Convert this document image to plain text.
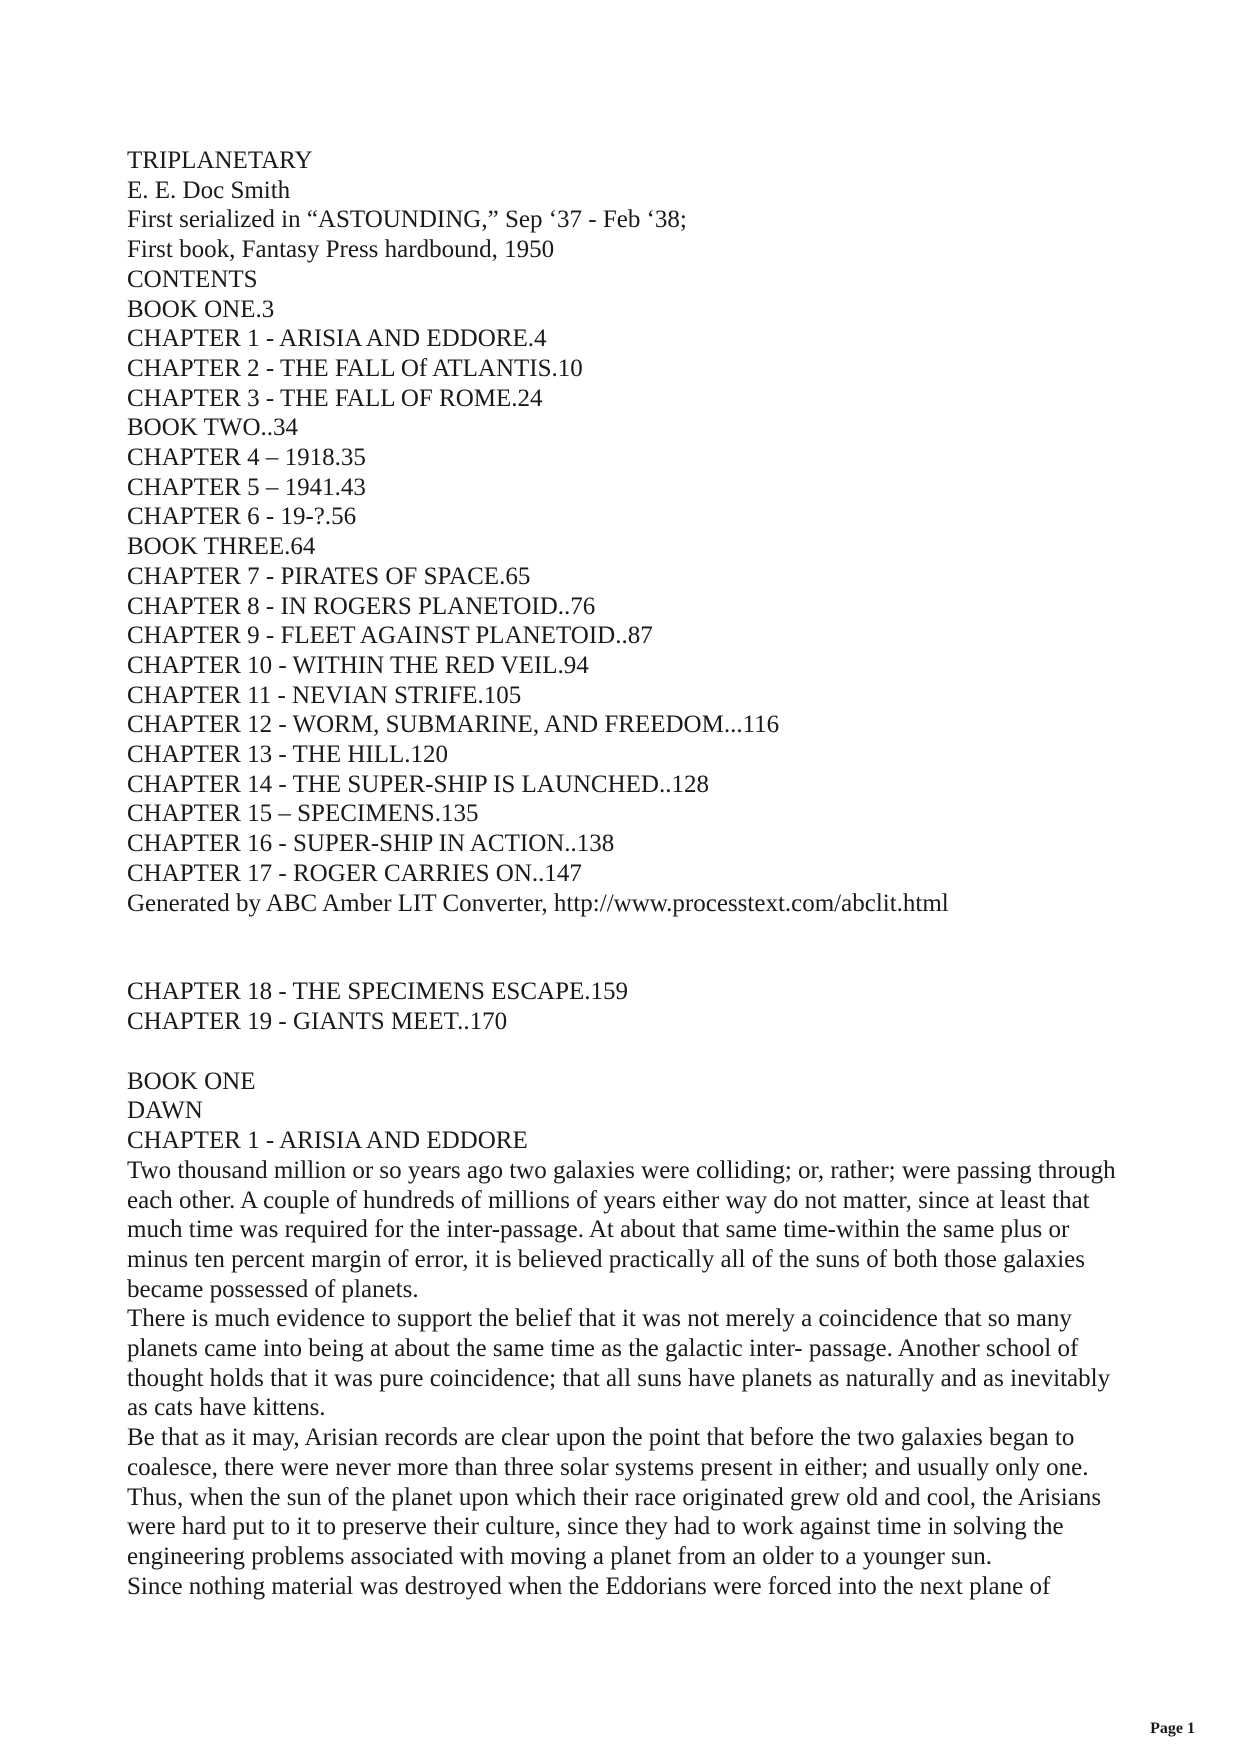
TRIPLANETARY
E. E. Doc Smith
First serialized in “ASTOUNDING,” Sep ‘37 - Feb ‘38;
First book, Fantasy Press hardbound, 1950
CONTENTS
BOOK ONE.3
CHAPTER 1 - ARISIA AND EDDORE.4
CHAPTER 2 - THE FALL Of ATLANTIS.10
CHAPTER 3 - THE FALL OF ROME.24
BOOK TWO..34
CHAPTER 4 – 1918.35
CHAPTER 5 – 1941.43
CHAPTER 6 - 19-?.56
BOOK THREE.64
CHAPTER 7 - PIRATES OF SPACE.65
CHAPTER 8 - IN ROGERS PLANETOID..76
CHAPTER 9 - FLEET AGAINST PLANETOID..87
CHAPTER 10 - WITHIN THE RED VEIL.94
CHAPTER 11 - NEVIAN STRIFE.105
CHAPTER 12 - WORM, SUBMARINE, AND FREEDOM...116
CHAPTER 13 - THE HILL.120
CHAPTER 14 - THE SUPER-SHIP IS LAUNCHED..128
CHAPTER 15 – SPECIMENS.135
CHAPTER 16 - SUPER-SHIP IN ACTION..138
CHAPTER 17 - ROGER CARRIES ON..147
Generated by ABC Amber LIT Converter, http://www.processtext.com/abclit.html
CHAPTER 18 - THE SPECIMENS ESCAPE.159
CHAPTER 19 - GIANTS MEET..170
BOOK ONE
DAWN
CHAPTER 1 - ARISIA AND EDDORE

Two thousand million or so years ago two galaxies were colliding; or, rather; were passing through each other. A couple of hundreds of millions of years either way do not matter, since at least that much time was required for the inter-passage. At about that same time-within the same plus or minus ten percent margin of error, it is believed practically all of the suns of both those galaxies became possessed of planets.

There is much evidence to support the belief that it was not merely a coincidence that so many planets came into being at about the same time as the galactic inter- passage. Another school of thought holds that it was pure coincidence; that all suns have planets as naturally and as inevitably as cats have kittens.

Be that as it may, Arisian records are clear upon the point that before the two galaxies began to coalesce, there were never more than three solar systems present in either; and usually only one. Thus, when the sun of the planet upon which their race originated grew old and cool, the Arisians were hard put to it to preserve their culture, since they had to work against time in solving the engineering problems associated with moving a planet from an older to a younger sun.

Since nothing material was destroyed when the Eddorians were forced into the next plane of

Page 1
